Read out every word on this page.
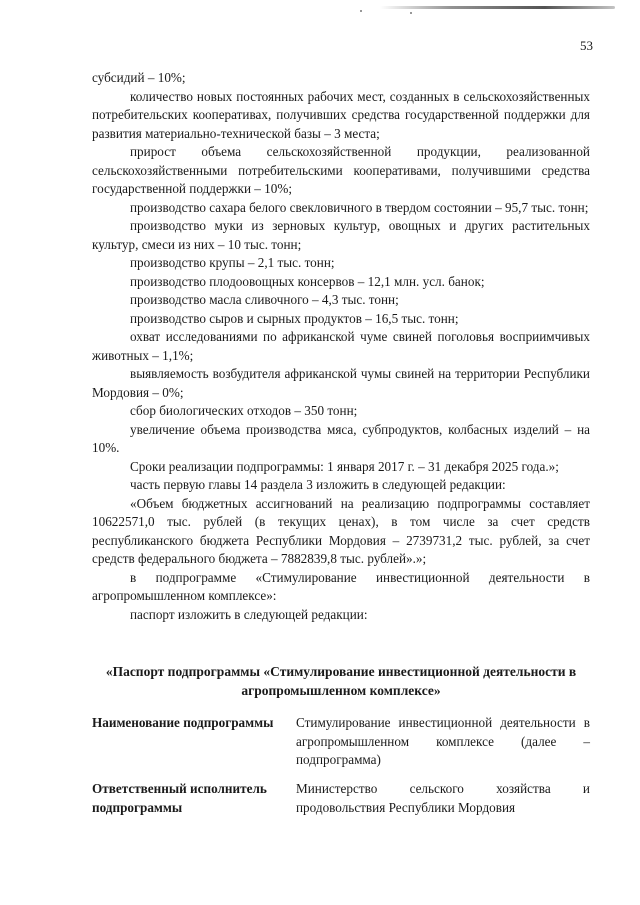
53

субсидий – 10%;

количество новых постоянных рабочих мест, созданных в сельскохозяйственных потребительских кооперативах, получивших средства государственной поддержки для развития материально-технической базы – 3 места;

прирост объема сельскохозяйственной продукции, реализованной сельскохозяйственными потребительскими кооперативами, получившими средства государственной поддержки – 10%;

производство сахара белого свекловичного в твердом состоянии – 95,7 тыс. тонн;

производство муки из зерновых культур, овощных и других растительных культур, смеси из них – 10 тыс. тонн;

производство крупы – 2,1 тыс. тонн;

производство плодоовощных консервов – 12,1 млн. усл. банок;

производство масла сливочного – 4,3 тыс. тонн;

производство сыров и сырных продуктов – 16,5 тыс. тонн;

охват исследованиями по африканской чуме свиней поголовья восприимчивых животных – 1,1%;

выявляемость возбудителя африканской чумы свиней на территории Республики Мордовия – 0%;

сбор биологических отходов – 350 тонн;

увеличение объема производства мяса, субпродуктов, колбасных изделий – на 10%.

Сроки реализации подпрограммы: 1 января 2017 г. – 31 декабря 2025 года.»;

часть первую главы 14 раздела 3 изложить в следующей редакции:

«Объем бюджетных ассигнований на реализацию подпрограммы составляет 10622571,0 тыс. рублей (в текущих ценах), в том числе за счет средств республиканского бюджета Республики Мордовия – 2739731,2 тыс. рублей, за счет средств федерального бюджета – 7882839,8 тыс. рублей».»;

в подпрограмме «Стимулирование инвестиционной деятельности в агропромышленном комплексе»:

паспорт изложить в следующей редакции:

«Паспорт подпрограммы «Стимулирование инвестиционной деятельности в агропромышленном комплексе»
Наименование подпрограммы	Стимулирование инвестиционной деятельности в агропромышленном комплексе (далее – подпрограмма)
Ответственный исполнитель подпрограммы
Министерство сельского хозяйства и продовольствия Республики Мордовия
